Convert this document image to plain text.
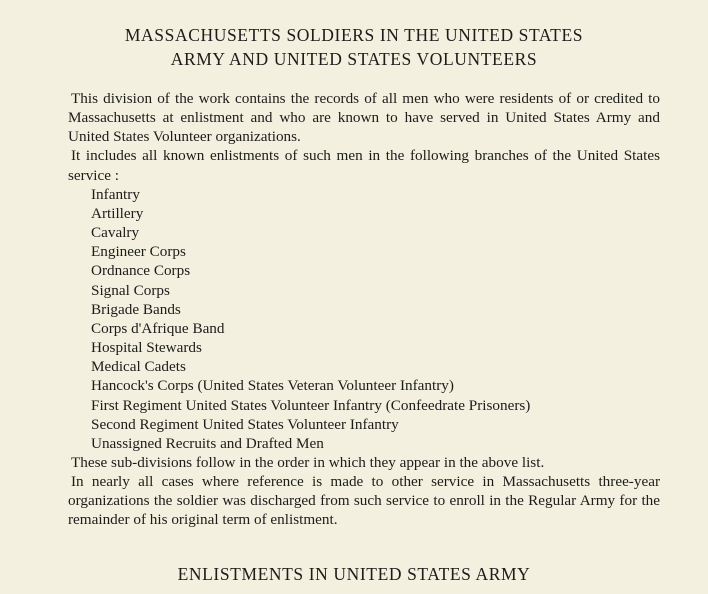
MASSACHUSETTS SOLDIERS IN THE UNITED STATES

ARMY AND UNITED STATES VOLUNTEERS

This division of the work contains the records of all men who were residents of or credited to Massachusetts at enlistment and who are known to have served in United States Army and United States Volunteer organizations.

It includes all known enlistments of such men in the following branches of the United States service :

Infantry
Artillery
Cavalry
Engineer Corps
Ordnance Corps
Signal Corps
Brigade Bands
Corps d'Afrique Band
Hospital Stewards
Medical Cadets
Hancock's Corps (United States Veteran Volunteer Infantry)
First Regiment United States Volunteer Infantry (Confeedrate Prisoners)
Second Regiment United States Volunteer Infantry
Unassigned Recruits and Drafted Men

These sub-divisions follow in the order in which they appear in the above list.

In nearly all cases where reference is made to other service in Massachusetts three-year organizations the soldier was discharged from such service to enroll in the Regular Army for the remainder of his original term of enlistment.

ENLISTMENTS IN UNITED STATES ARMY
